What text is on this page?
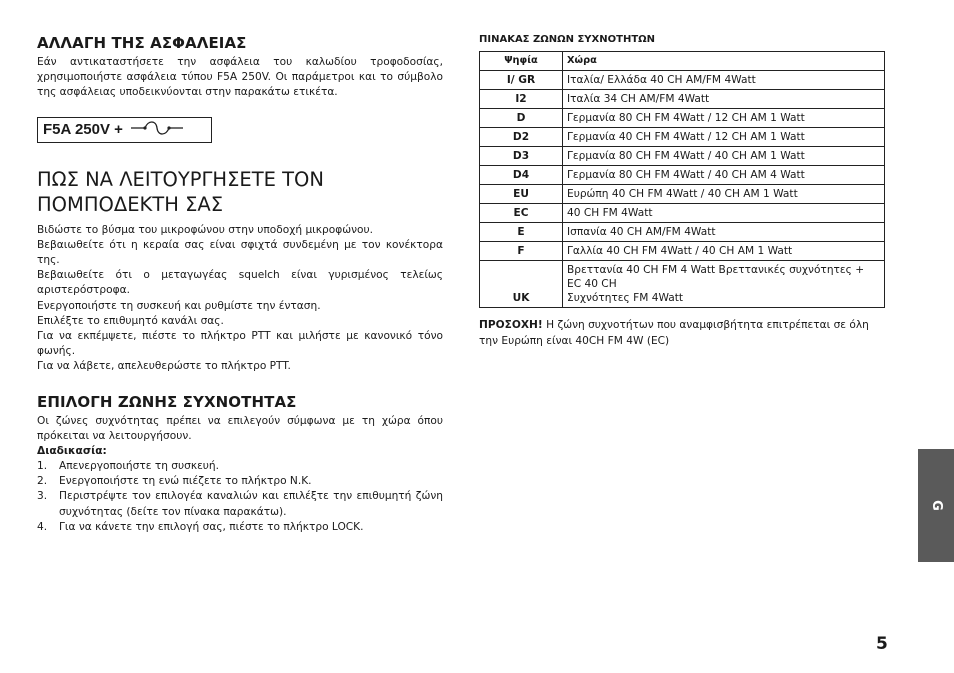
ΑΛΛΑΓΗ ΤΗΣ ΑΣΦΑΛΕΙΑΣ

Εάν αντικαταστήσετε την ασφάλεια του καλωδίου τροφοδοσίας, χρησιμοποιήστε ασφάλεια τύπου F5A 250V. Οι παράμετροι και το σύμβολο της ασφάλειας υποδεικνύονται στην παρακάτω ετικέτα.

F5A 250V +
ΠΩΣ ΝΑ ΛΕΙΤΟΥΡΓΗΣΕΤΕ ΤΟΝ ΠΟΜΠΟΔΕΚΤΗ ΣΑΣ

Βιδώστε το βύσμα του μικροφώνου στην υποδοχή μικροφώνου.

Βεβαιωθείτε ότι η κεραία σας είναι σφιχτά συνδεμένη με τον κονέκτορα της.

Βεβαιωθείτε ότι ο μεταγωγέας squelch είναι γυρισμένος τελείως αριστερόστροφα.

Ενεργοποιήστε τη συσκευή και ρυθμίστε την ένταση.

Επιλέξτε το επιθυμητό κανάλι σας.

Για να εκπέμψετε, πιέστε το πλήκτρο PTT και μιλήστε με κανονικό τόνο φωνής.

Για να λάβετε, απελευθερώστε το πλήκτρο PTT.

ΕΠΙΛΟΓΗ ΖΩΝΗΣ ΣΥΧΝΟΤΗΤΑΣ

Οι ζώνες συχνότητας πρέπει να επιλεγούν σύμφωνα με τη χώρα όπου πρόκειται να λειτουργήσουν.

Διαδικασία:
1.	Απενεργοποιήστε τη συσκευή.
2.	Ενεργοποιήστε τη ενώ πιέζετε το πλήκτρο N.K.
3.	Περιστρέψτε τον επιλογέα καναλιών και επιλέξτε την επιθυμητή ζώνη συχνότητας (δείτε τον πίνακα παρακάτω).
4.	Για να κάνετε την επιλογή σας, πιέστε το πλήκτρο LOCK.
ΠΙΝΑΚΑΣ ΖΩΝΩΝ ΣΥΧΝΟΤΗΤΩΝ
Ψηφία	Χώρα
I/ GR	Ιταλία/ Ελλάδα 40 CH AM/FM 4Watt
I2	Ιταλία 34 CH AM/FM 4Watt
D	Γερμανία 80 CH FM 4Watt / 12 CH AM 1 Watt
D2	Γερμανία 40 CH FM 4Watt / 12 CH AM 1 Watt
D3	Γερμανία 80 CH FM 4Watt / 40 CH AM 1 Watt
D4	Γερμανία 80 CH FM 4Watt / 40 CH AM 4 Watt
EU	Ευρώπη 40 CH FM 4Watt / 40 CH AM 1 Watt
EC	40 CH FM 4Watt
E	Ισπανία 40 CH AM/FM 4Watt
F	Γαλλία 40 CH FM 4Watt / 40 CH AM 1 Watt
UK	Βρεττανία 40 CH FM 4 Watt Βρεττανικές συχνότητες + EC 40 CH
Συχνότητες FM 4Watt

ΠΡΟΣΟΧΗ! Η ζώνη συχνοτήτων που αναμφισβήτητα επιτρέπεται σε όλη την Ευρώπη είναι 40CH FM 4W (EC)

G
5
